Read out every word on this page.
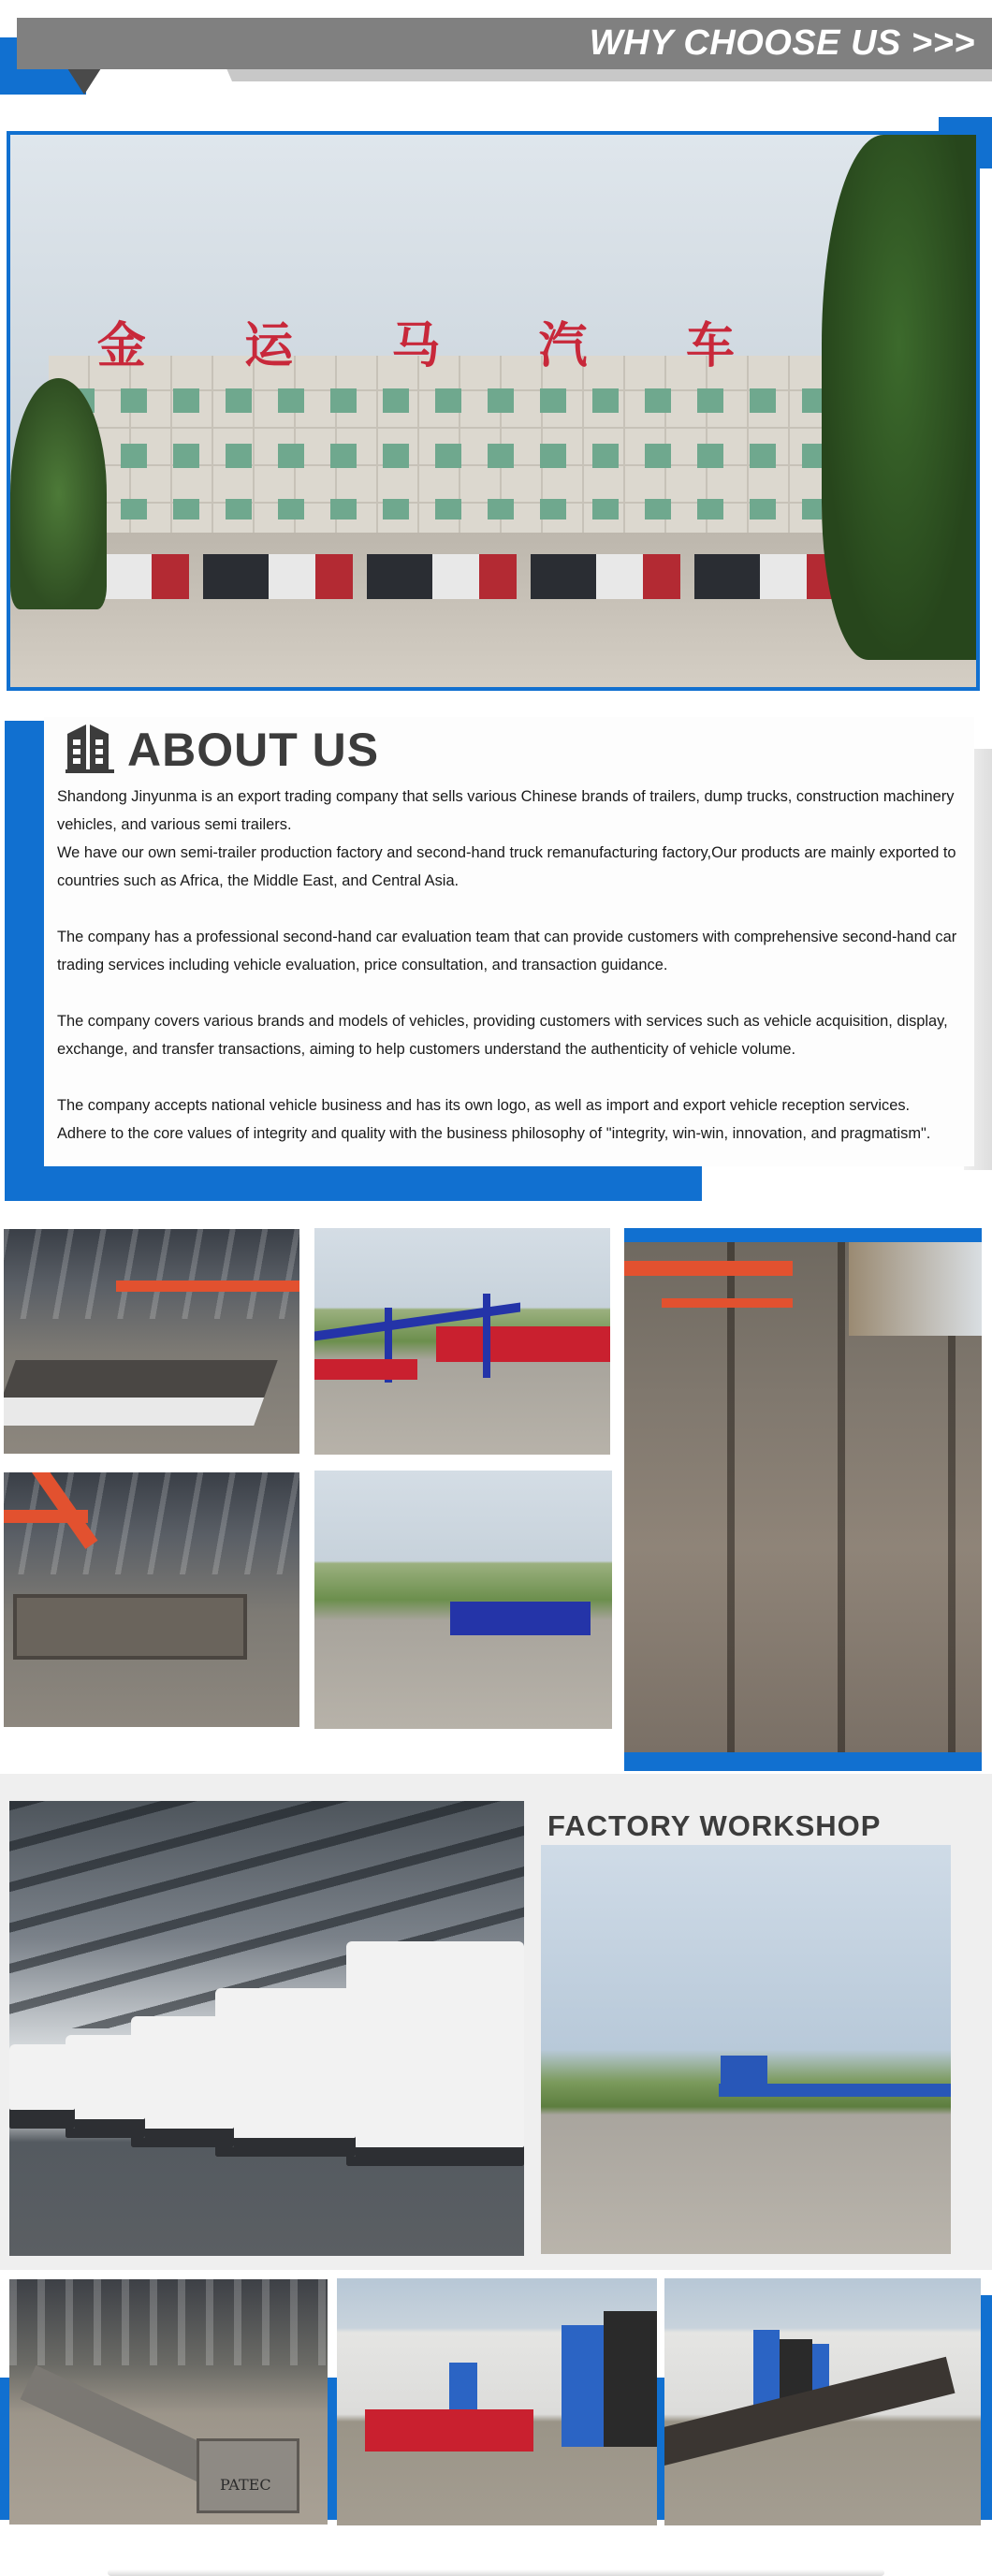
WHY CHOOSE US >>>
金 运 马 汽 车
ABOUT US

Shandong Jinyunma is an export trading company that sells various Chinese brands of trailers, dump trucks, construction machinery vehicles, and various semi trailers.

We have our own semi-trailer production factory and second-hand truck remanufacturing factory,Our products are mainly exported to countries such as Africa, the Middle East, and Central Asia.

The company has a professional second-hand car evaluation team that can provide customers with comprehensive second-hand car trading services including vehicle evaluation, price consultation, and transaction guidance.

The company covers various brands and models of vehicles, providing customers with services such as vehicle acquisition, display, exchange, and transfer transactions, aiming to help customers understand the authenticity of vehicle volume.

The company accepts national vehicle business and has its own logo, as well as import and export vehicle reception services.

Adhere to the core values of integrity and quality with the business philosophy of "integrity, win-win, innovation, and pragmatism".

FACTORY WORKSHOP
PATEC
